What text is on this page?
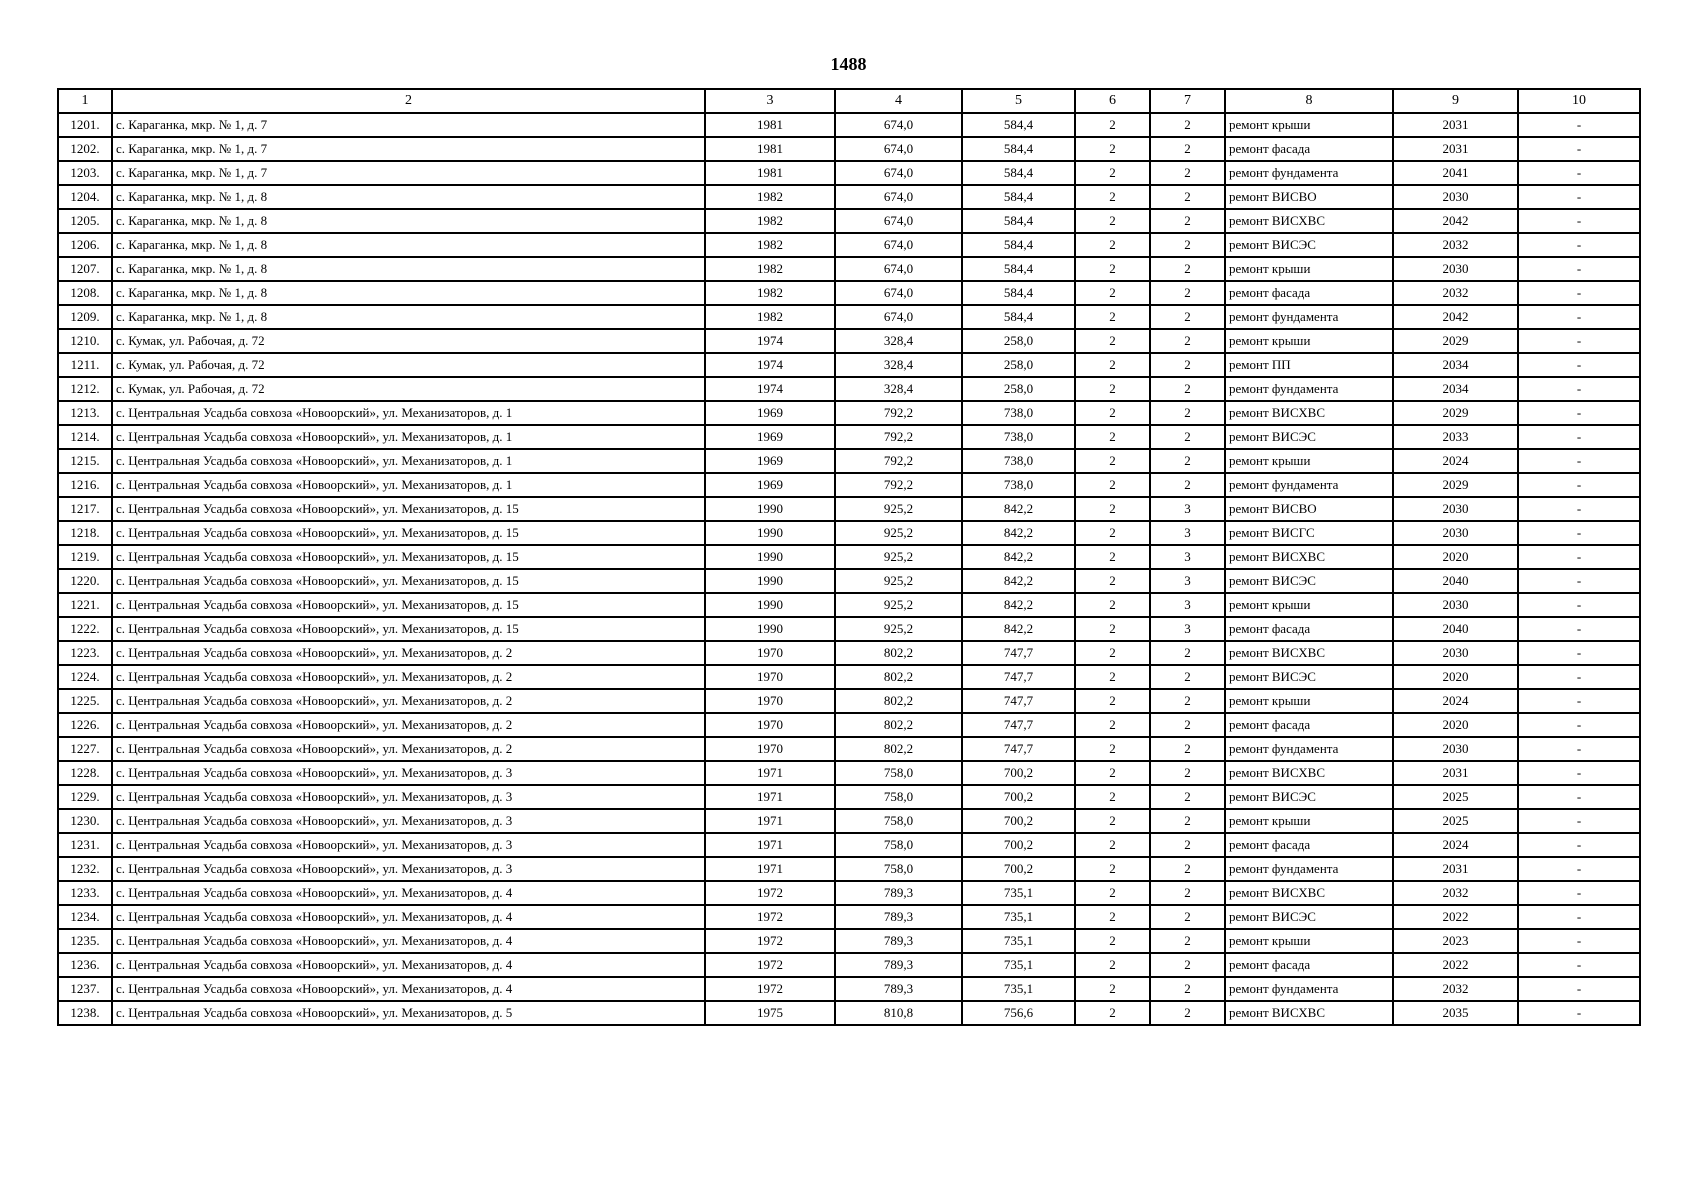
1488
1	2	3	4	5	6	7	8	9	10
1201.	с. Караганка, мкр. № 1, д. 7	1981	674,0	584,4	2	2	ремонт крыши	2031	-
1202.	с. Караганка, мкр. № 1, д. 7	1981	674,0	584,4	2	2	ремонт фасада	2031	-
1203.	с. Караганка, мкр. № 1, д. 7	1981	674,0	584,4	2	2	ремонт фундамента	2041	-
1204.	с. Караганка, мкр. № 1, д. 8	1982	674,0	584,4	2	2	ремонт ВИСВО	2030	-
1205.	с. Караганка, мкр. № 1, д. 8	1982	674,0	584,4	2	2	ремонт ВИСХВС	2042	-
1206.	с. Караганка, мкр. № 1, д. 8	1982	674,0	584,4	2	2	ремонт ВИСЭС	2032	-
1207.	с. Караганка, мкр. № 1, д. 8	1982	674,0	584,4	2	2	ремонт крыши	2030	-
1208.	с. Караганка, мкр. № 1, д. 8	1982	674,0	584,4	2	2	ремонт фасада	2032	-
1209.	с. Караганка, мкр. № 1, д. 8	1982	674,0	584,4	2	2	ремонт фундамента	2042	-
1210.	с. Кумак, ул. Рабочая, д. 72	1974	328,4	258,0	2	2	ремонт крыши	2029	-
1211.	с. Кумак, ул. Рабочая, д. 72	1974	328,4	258,0	2	2	ремонт ПП	2034	-
1212.	с. Кумак, ул. Рабочая, д. 72	1974	328,4	258,0	2	2	ремонт фундамента	2034	-
1213.	с. Центральная Усадьба совхоза «Новоорский», ул. Механизаторов, д. 1	1969	792,2	738,0	2	2	ремонт ВИСХВС	2029	-
1214.	с. Центральная Усадьба совхоза «Новоорский», ул. Механизаторов, д. 1	1969	792,2	738,0	2	2	ремонт ВИСЭС	2033	-
1215.	с. Центральная Усадьба совхоза «Новоорский», ул. Механизаторов, д. 1	1969	792,2	738,0	2	2	ремонт крыши	2024	-
1216.	с. Центральная Усадьба совхоза «Новоорский», ул. Механизаторов, д. 1	1969	792,2	738,0	2	2	ремонт фундамента	2029	-
1217.	с. Центральная Усадьба совхоза «Новоорский», ул. Механизаторов, д. 15	1990	925,2	842,2	2	3	ремонт ВИСВО	2030	-
1218.	с. Центральная Усадьба совхоза «Новоорский», ул. Механизаторов, д. 15	1990	925,2	842,2	2	3	ремонт ВИСГС	2030	-
1219.	с. Центральная Усадьба совхоза «Новоорский», ул. Механизаторов, д. 15	1990	925,2	842,2	2	3	ремонт ВИСХВС	2020	-
1220.	с. Центральная Усадьба совхоза «Новоорский», ул. Механизаторов, д. 15	1990	925,2	842,2	2	3	ремонт ВИСЭС	2040	-
1221.	с. Центральная Усадьба совхоза «Новоорский», ул. Механизаторов, д. 15	1990	925,2	842,2	2	3	ремонт крыши	2030	-
1222.	с. Центральная Усадьба совхоза «Новоорский», ул. Механизаторов, д. 15	1990	925,2	842,2	2	3	ремонт фасада	2040	-
1223.	с. Центральная Усадьба совхоза «Новоорский», ул. Механизаторов, д. 2	1970	802,2	747,7	2	2	ремонт ВИСХВС	2030	-
1224.	с. Центральная Усадьба совхоза «Новоорский», ул. Механизаторов, д. 2	1970	802,2	747,7	2	2	ремонт ВИСЭС	2020	-
1225.	с. Центральная Усадьба совхоза «Новоорский», ул. Механизаторов, д. 2	1970	802,2	747,7	2	2	ремонт крыши	2024	-
1226.	с. Центральная Усадьба совхоза «Новоорский», ул. Механизаторов, д. 2	1970	802,2	747,7	2	2	ремонт фасада	2020	-
1227.	с. Центральная Усадьба совхоза «Новоорский», ул. Механизаторов, д. 2	1970	802,2	747,7	2	2	ремонт фундамента	2030	-
1228.	с. Центральная Усадьба совхоза «Новоорский», ул. Механизаторов, д. 3	1971	758,0	700,2	2	2	ремонт ВИСХВС	2031	-
1229.	с. Центральная Усадьба совхоза «Новоорский», ул. Механизаторов, д. 3	1971	758,0	700,2	2	2	ремонт ВИСЭС	2025	-
1230.	с. Центральная Усадьба совхоза «Новоорский», ул. Механизаторов, д. 3	1971	758,0	700,2	2	2	ремонт крыши	2025	-
1231.	с. Центральная Усадьба совхоза «Новоорский», ул. Механизаторов, д. 3	1971	758,0	700,2	2	2	ремонт фасада	2024	-
1232.	с. Центральная Усадьба совхоза «Новоорский», ул. Механизаторов, д. 3	1971	758,0	700,2	2	2	ремонт фундамента	2031	-
1233.	с. Центральная Усадьба совхоза «Новоорский», ул. Механизаторов, д. 4	1972	789,3	735,1	2	2	ремонт ВИСХВС	2032	-
1234.	с. Центральная Усадьба совхоза «Новоорский», ул. Механизаторов, д. 4	1972	789,3	735,1	2	2	ремонт ВИСЭС	2022	-
1235.	с. Центральная Усадьба совхоза «Новоорский», ул. Механизаторов, д. 4	1972	789,3	735,1	2	2	ремонт крыши	2023	-
1236.	с. Центральная Усадьба совхоза «Новоорский», ул. Механизаторов, д. 4	1972	789,3	735,1	2	2	ремонт фасада	2022	-
1237.	с. Центральная Усадьба совхоза «Новоорский», ул. Механизаторов, д. 4	1972	789,3	735,1	2	2	ремонт фундамента	2032	-
1238.	с. Центральная Усадьба совхоза «Новоорский», ул. Механизаторов, д. 5	1975	810,8	756,6	2	2	ремонт ВИСХВС	2035	-
